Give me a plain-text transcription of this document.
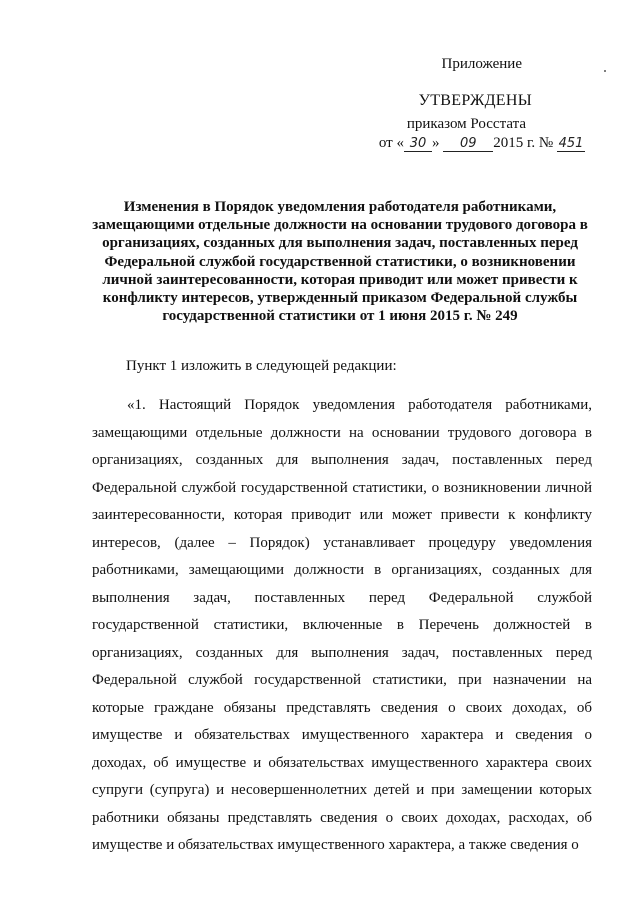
Приложение
УТВЕРЖДЕНЫ
приказом Росстата
от « 30 » 09 2015 г. № 451
Изменения в Порядок уведомления работодателя работниками, замещающими отдельные должности на основании трудового договора в организациях, созданных для выполнения задач, поставленных перед Федеральной службой государственной статистики, о возникновении личной заинтересованности, которая приводит или может привести к конфликту интересов, утвержденный приказом Федеральной службы государственной статистики от 1 июня 2015 г. № 249
Пункт 1 изложить в следующей редакции:
«1. Настоящий Порядок уведомления работодателя работниками, замещающими отдельные должности на основании трудового договора в организациях, созданных для выполнения задач, поставленных перед Федеральной службой государственной статистики, о возникновении личной заинтересованности, которая приводит или может привести к конфликту интересов, (далее – Порядок) устанавливает процедуру уведомления работниками, замещающими должности в организациях, созданных для выполнения задач, поставленных перед Федеральной службой государственной статистики, включенные в Перечень должностей в организациях, созданных для выполнения задач, поставленных перед Федеральной службой государственной статистики, при назначении на которые граждане обязаны представлять сведения о своих доходах, об имуществе и обязательствах имущественного характера и сведения о доходах, об имуществе и обязательствах имущественного характера своих супруги (супруга) и несовершеннолетних детей и при замещении которых работники обязаны представлять сведения о своих доходах, расходах, об имуществе и обязательствах имущественного характера, а также сведения о
